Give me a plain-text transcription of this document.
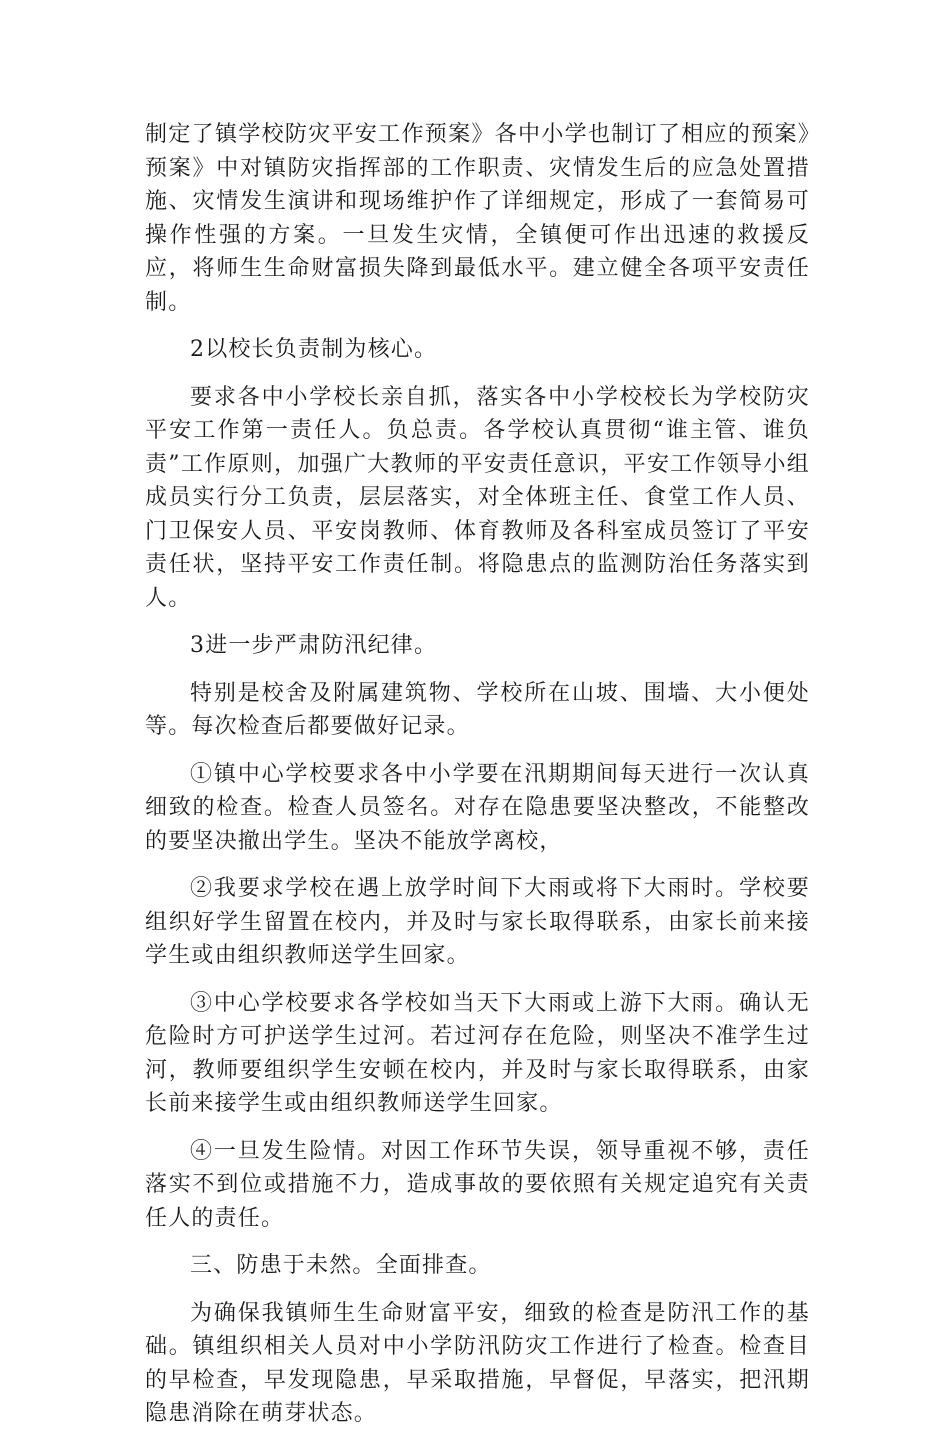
制定了镇学校防灾平安工作预案》各中小学也制订了相应的预案》预案》中对镇防灾指挥部的工作职责、灾情发生后的应急处置措施、灾情发生演讲和现场维护作了详细规定，形成了一套简易可操作性强的方案。一旦发生灾情，全镇便可作出迅速的救援反应，将师生生命财富损失降到最低水平。建立健全各项平安责任制。

2以校长负责制为核心。

要求各中小学校长亲自抓，落实各中小学校校长为学校防灾平安工作第一责任人。负总责。各学校认真贯彻“谁主管、谁负责”工作原则，加强广大教师的平安责任意识，平安工作领导小组成员实行分工负责，层层落实，对全体班主任、食堂工作人员、门卫保安人员、平安岗教师、体育教师及各科室成员签订了平安责任状，坚持平安工作责任制。将隐患点的监测防治任务落实到人。

3进一步严肃防汛纪律。

特别是校舍及附属建筑物、学校所在山坡、围墙、大小便处等。每次检查后都要做好记录。

①镇中心学校要求各中小学要在汛期期间每天进行一次认真细致的检查。检查人员签名。对存在隐患要坚决整改，不能整改的要坚决撤出学生。坚决不能放学离校，

②我要求学校在遇上放学时间下大雨或将下大雨时。学校要组织好学生留置在校内，并及时与家长取得联系，由家长前来接学生或由组织教师送学生回家。

③中心学校要求各学校如当天下大雨或上游下大雨。确认无危险时方可护送学生过河。若过河存在危险，则坚决不准学生过河，教师要组织学生安顿在校内，并及时与家长取得联系，由家长前来接学生或由组织教师送学生回家。

④一旦发生险情。对因工作环节失误，领导重视不够，责任落实不到位或措施不力，造成事故的要依照有关规定追究有关责任人的责任。

三、防患于未然。全面排查。

为确保我镇师生生命财富平安，细致的检查是防汛工作的基础。镇组织相关人员对中小学防汛防灾工作进行了检查。检查目的早检查，早发现隐患，早采取措施，早督促，早落实，把汛期隐患消除在萌芽状态。
